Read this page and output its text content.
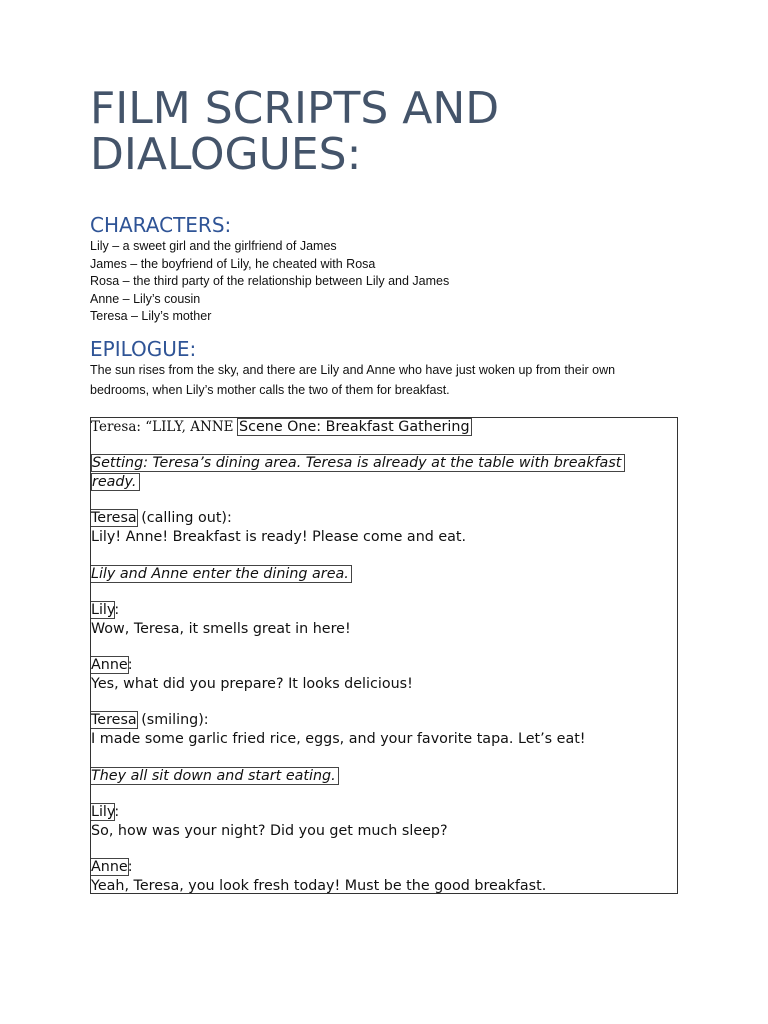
FILM SCRIPTS AND DIALOGUES:
CHARACTERS:
Lily – a sweet girl and the girlfriend of James
James – the boyfriend of Lily, he cheated with Rosa
Rosa – the third party of the relationship between Lily and James
Anne – Lily’s cousin
Teresa – Lily’s mother
EPILOGUE:

The sun rises from the sky, and there are Lily and Anne who have just woken up from their own bedrooms, when Lily’s mother calls the two of them for breakfast.

Teresa: “LILY, ANNE Scene One: Breakfast Gathering
Setting: Teresa’s dining area. Teresa is already at the table with breakfast ready.
Teresa (calling out):
Lily! Anne! Breakfast is ready! Please come and eat.
Lily and Anne enter the dining area.
Lily:
Wow, Teresa, it smells great in here!
Anne:
Yes, what did you prepare? It looks delicious!
Teresa (smiling):
I made some garlic fried rice, eggs, and your favorite tapa. Let’s eat!
They all sit down and start eating.
Lily:
So, how was your night? Did you get much sleep?
Anne:
Yeah, Teresa, you look fresh today! Must be the good breakfast.
